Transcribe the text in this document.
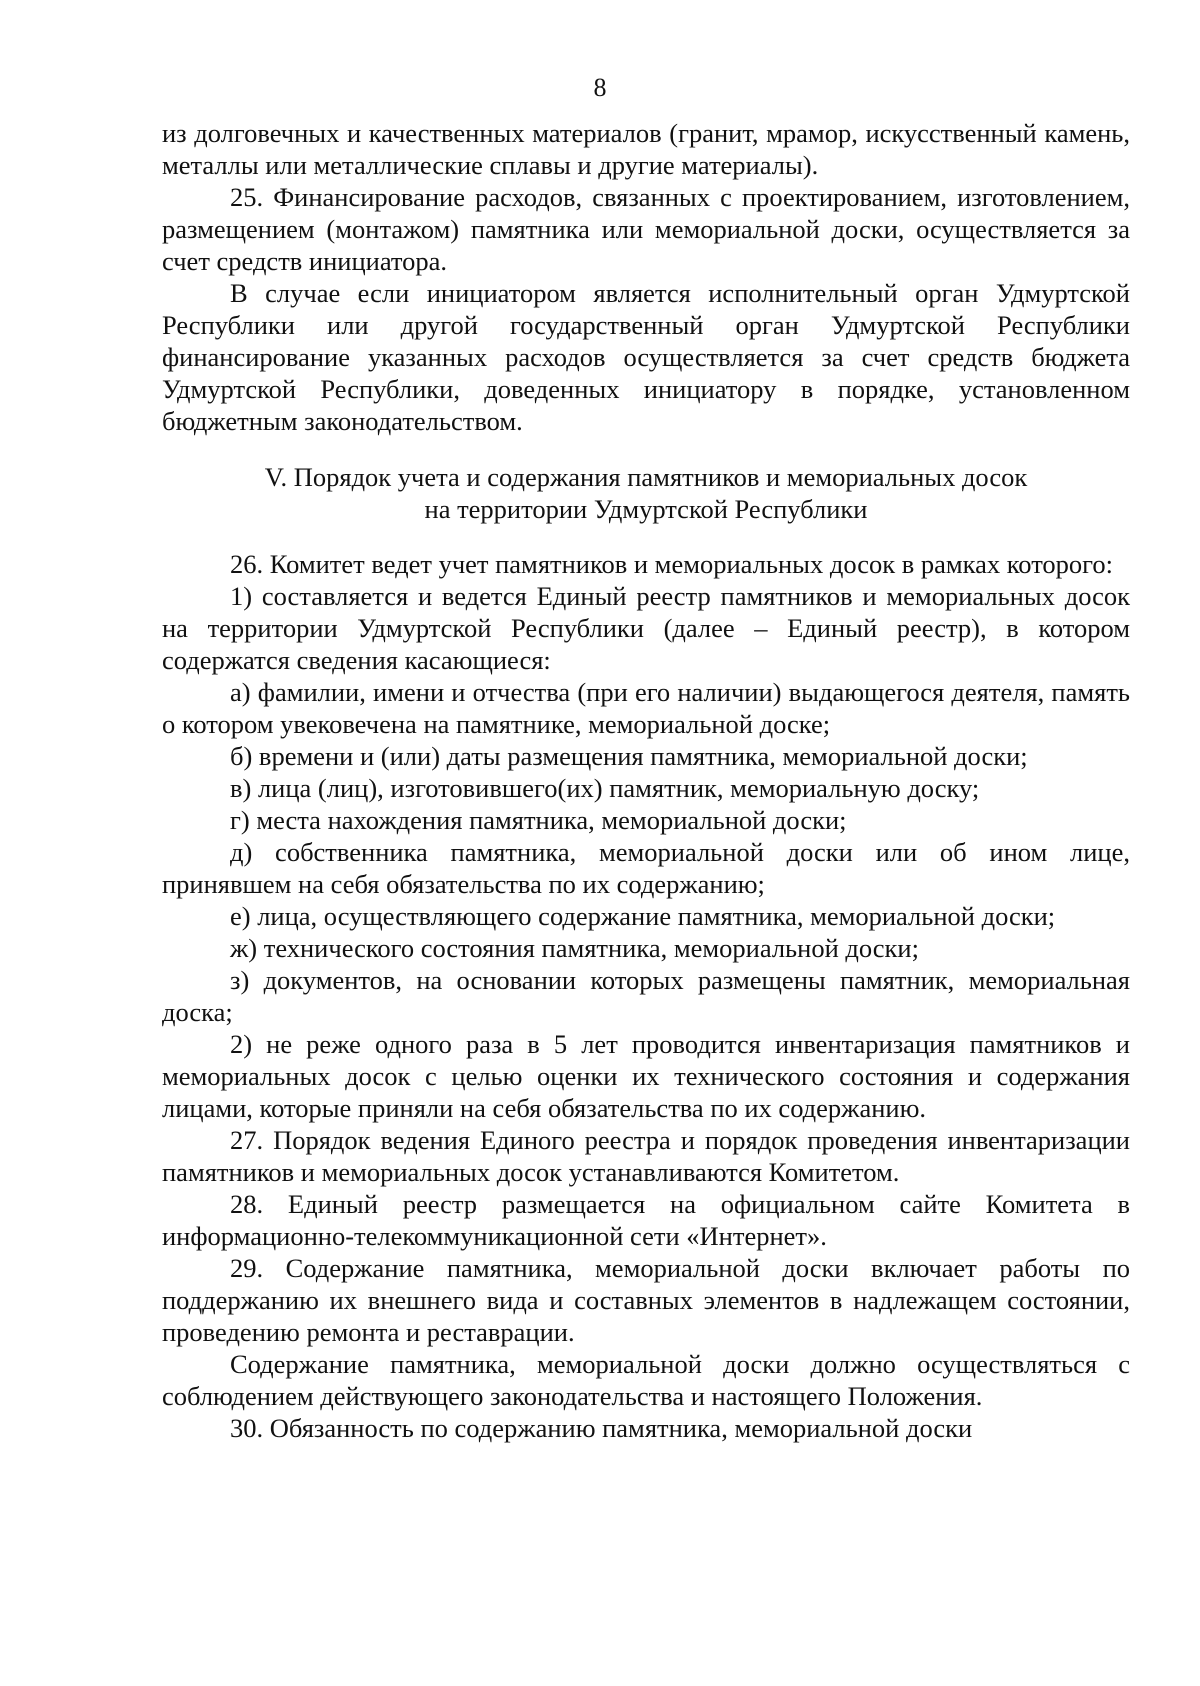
8

из долговечных и качественных материалов (гранит, мрамор, искусственный камень, металлы или металлические сплавы и другие материалы).

25. Финансирование расходов, связанных с проектированием, изготовлением, размещением (монтажом) памятника или мемориальной доски, осуществляется за счет средств инициатора.

В случае если инициатором является исполнительный орган Удмуртской Республики или другой государственный орган Удмуртской Республики финансирование указанных расходов осуществляется за счет средств бюджета Удмуртской Республики, доведенных инициатору в порядке, установленном бюджетным законодательством.

V. Порядок учета и содержания памятников и мемориальных досок
на территории Удмуртской Республики

26. Комитет ведет учет памятников и мемориальных досок в рамках которого:

1) составляется и ведется Единый реестр памятников и мемориальных досок на территории Удмуртской Республики (далее – Единый реестр), в котором содержатся сведения касающиеся:

а) фамилии, имени и отчества (при его наличии) выдающегося деятеля, память о котором увековечена на памятнике, мемориальной доске;

б) времени и (или) даты размещения памятника, мемориальной доски;

в) лица (лиц), изготовившего(их) памятник, мемориальную доску;

г) места нахождения памятника, мемориальной доски;

д) собственника памятника, мемориальной доски или об ином лице, принявшем на себя обязательства по их содержанию;

е) лица, осуществляющего содержание памятника, мемориальной доски;

ж) технического состояния памятника, мемориальной доски;

з) документов, на основании которых размещены памятник, мемориальная доска;

2) не реже одного раза в 5 лет проводится инвентаризация памятников и мемориальных досок с целью оценки их технического состояния и содержания лицами, которые приняли на себя обязательства по их содержанию.

27. Порядок ведения Единого реестра и порядок проведения инвентаризации памятников и мемориальных досок устанавливаются Комитетом.

28. Единый реестр размещается на официальном сайте Комитета в информационно-телекоммуникационной сети «Интернет».

29. Содержание памятника, мемориальной доски включает работы по поддержанию их внешнего вида и составных элементов в надлежащем состоянии, проведению ремонта и реставрации.

Содержание памятника, мемориальной доски должно осуществляться с соблюдением действующего законодательства и настоящего Положения.

30. Обязанность по содержанию памятника, мемориальной доски
